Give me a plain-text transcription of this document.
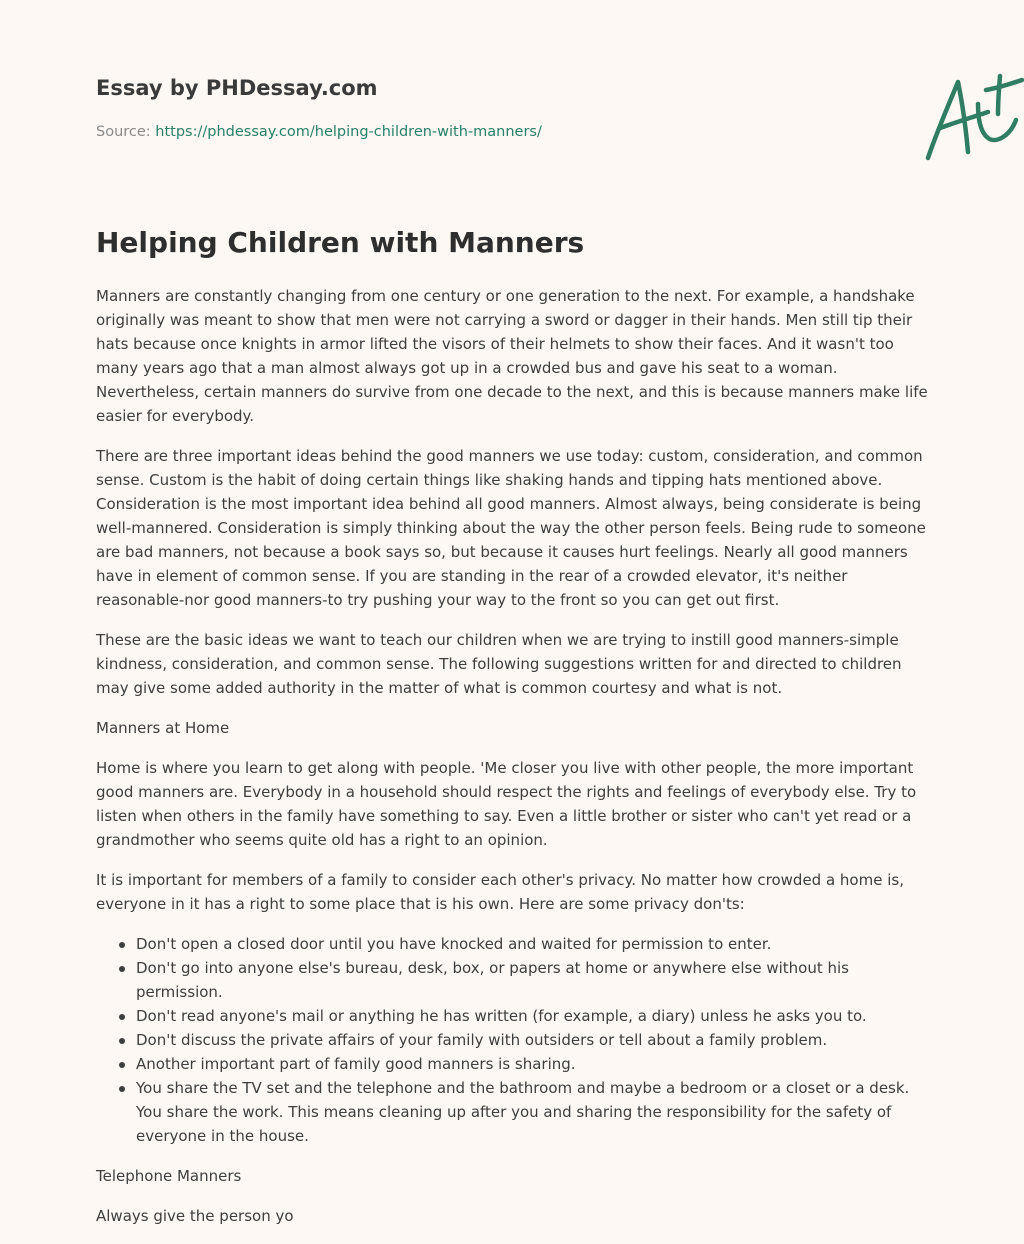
Essay by PHDessay.com
Source: https://phdessay.com/helping-children-with-manners/
Helping Children with Manners

Manners are constantly changing from one century or one generation to the next. For example, a handshake originally was meant to show that men were not carrying a sword or dagger in their hands. Men still tip their hats because once knights in armor lifted the visors of their helmets to show their faces. And it wasn't too many years ago that a man almost always got up in a crowded bus and gave his seat to a woman. Nevertheless, certain manners do survive from one decade to the next, and this is because manners make life easier for everybody.

There are three important ideas behind the good manners we use today: custom, consideration, and common sense. Custom is the habit of doing certain things like shaking hands and tipping hats mentioned above. Consideration is the most important idea behind all good manners. Almost always, being considerate is being well-mannered. Consideration is simply thinking about the way the other person feels. Being rude to someone are bad manners, not because a book says so, but because it causes hurt feelings. Nearly all good manners have in element of common sense. If you are standing in the rear of a crowded elevator, it's neither reasonable-nor good manners-to try pushing your way to the front so you can get out first.

These are the basic ideas we want to teach our children when we are trying to instill good manners-simple kindness, consideration, and common sense. The following suggestions written for and directed to children may give some added authority in the matter of what is common courtesy and what is not.

Manners at Home

Home is where you learn to get along with people. 'Me closer you live with other people, the more important good manners are. Everybody in a household should respect the rights and feelings of everybody else. Try to listen when others in the family have something to say. Even a little brother or sister who can't yet read or a grandmother who seems quite old has a right to an opinion.

It is important for members of a family to consider each other's privacy. No matter how crowded a home is, everyone in it has a right to some place that is his own. Here are some privacy don'ts:

Don't open a closed door until you have knocked and waited for permission to enter.
Don't go into anyone else's bureau, desk, box, or papers at home or anywhere else without his permission.
Don't read anyone's mail or anything he has written (for example, a diary) unless he asks you to.
Don't discuss the private affairs of your family with outsiders or tell about a family problem.
Another important part of family good manners is sharing.
You share the TV set and the telephone and the bathroom and maybe a bedroom or a closet or a desk. You share the work. This means cleaning up after you and sharing the responsibility for the safety of everyone in the house.

Telephone Manners

Always give the person yo
